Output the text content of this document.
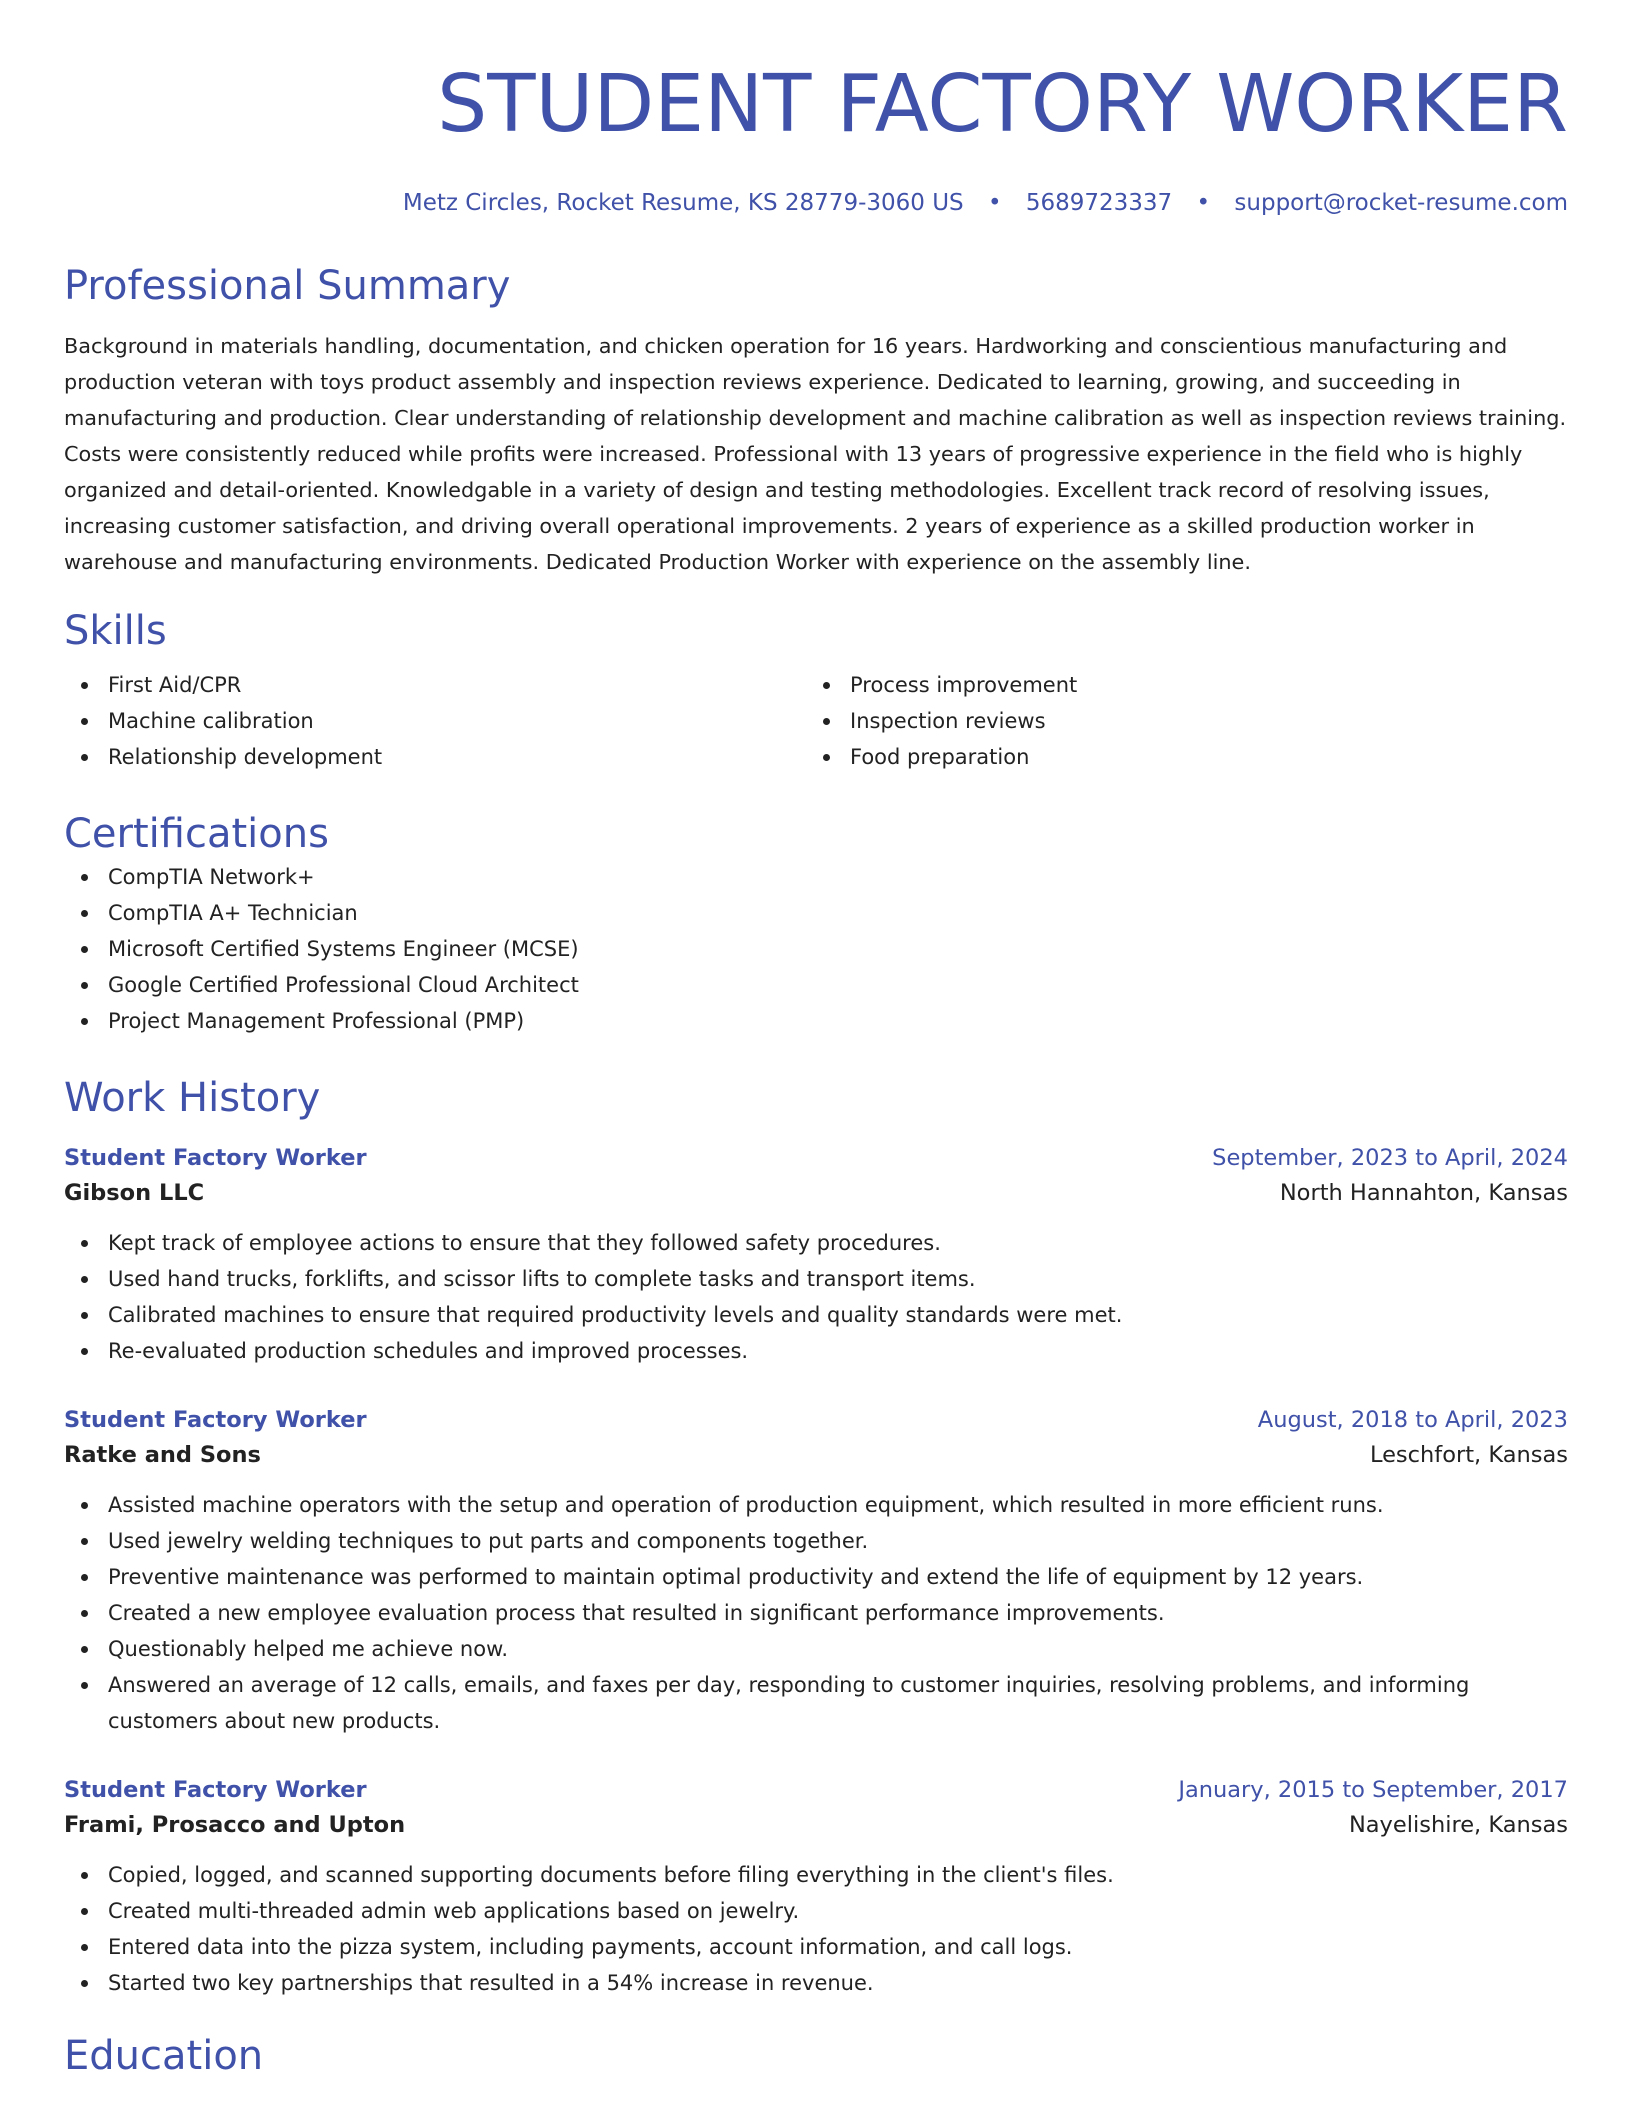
STUDENT FACTORY WORKER
Metz Circles, Rocket Resume, KS 28779-3060 US • 5689723337 • support@rocket-resume.com
Professional Summary

Background in materials handling, documentation, and chicken operation for 16 years. Hardworking and conscientious manufacturing and production veteran with toys product assembly and inspection reviews experience. Dedicated to learning, growing, and succeeding in manufacturing and production. Clear understanding of relationship development and machine calibration as well as inspection reviews training. Costs were consistently reduced while profits were increased. Professional with 13 years of progressive experience in the field who is highly organized and detail-oriented. Knowledgable in a variety of design and testing methodologies. Excellent track record of resolving issues, increasing customer satisfaction, and driving overall operational improvements. 2 years of experience as a skilled production worker in warehouse and manufacturing environments. Dedicated Production Worker with experience on the assembly line.

Skills
First Aid/CPR
Machine calibration
Relationship development
Process improvement
Inspection reviews
Food preparation
Certifications
CompTIA Network+
CompTIA A+ Technician
Microsoft Certified Systems Engineer (MCSE)
Google Certified Professional Cloud Architect
Project Management Professional (PMP)
Work History
Student Factory Worker	September, 2023 to April, 2024
Gibson LLC	North Hannahton, Kansas
Kept track of employee actions to ensure that they followed safety procedures.
Used hand trucks, forklifts, and scissor lifts to complete tasks and transport items.
Calibrated machines to ensure that required productivity levels and quality standards were met.
Re-evaluated production schedules and improved processes.
Student Factory Worker	August, 2018 to April, 2023
Ratke and Sons	Leschfort, Kansas
Assisted machine operators with the setup and operation of production equipment, which resulted in more efficient runs.
Used jewelry welding techniques to put parts and components together.
Preventive maintenance was performed to maintain optimal productivity and extend the life of equipment by 12 years.
Created a new employee evaluation process that resulted in significant performance improvements.
Questionably helped me achieve now.
Answered an average of 12 calls, emails, and faxes per day, responding to customer inquiries, resolving problems, and informing customers about new products.
Student Factory Worker	January, 2015 to September, 2017
Frami, Prosacco and Upton	Nayelishire, Kansas
Copied, logged, and scanned supporting documents before filing everything in the client's files.
Created multi-threaded admin web applications based on jewelry.
Entered data into the pizza system, including payments, account information, and call logs.
Started two key partnerships that resulted in a 54% increase in revenue.
Education
